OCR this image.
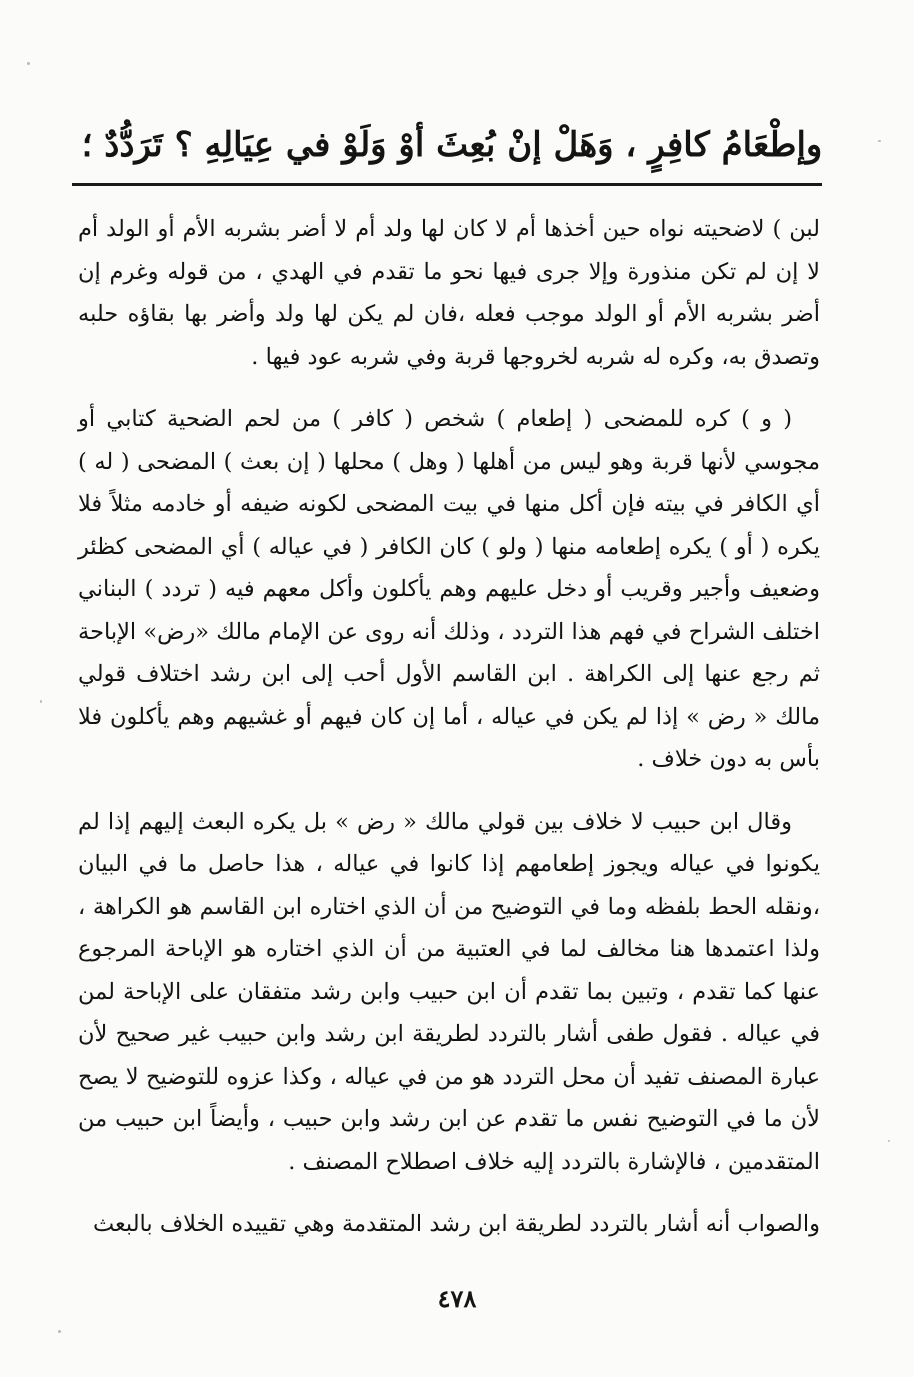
وإطْعَامُ كافِرٍ ، وَهَلْ إنْ بُعِثَ أوْ وَلَوْ في عِيَالِهِ ؟ تَرَدُّدٌ ؛

لبن ) لاضحيته نواه حين أخذها أم لا كان لها ولد أم لا أضر بشربه الأم أو الولد أم لا إن لم تكن منذورة وإلا جرى فيها نحو ما تقدم في الهدي ، من قوله وغرم إن أضر بشربه الأم أو الولد موجب فعله ،فان لم يكن لها ولد وأضر بها بقاؤه حلبه وتصدق به، وكره له شربه لخروجها قربة وفي شربه عود فيها .

( و ) كره للمضحى ( إطعام ) شخص ( كافر ) من لحم الضحية كتابي أو مجوسي لأنها قربة وهو ليس من أهلها ( وهل ) محلها ( إن بعث ) المضحى ( له ) أي الكافر في بيته فإن أكل منها في بيت المضحى لكونه ضيفه أو خادمه مثلاً فلا يكره ( أو ) يكره إطعامه منها ( ولو ) كان الكافر ( في عياله ) أي المضحى كظئر وضعيف وأجير وقريب أو دخل عليهم وهم يأكلون وأكل معهم فيه ( تردد ) البناني اختلف الشراح في فهم هذا التردد ، وذلك أنه روى عن الإمام مالك «رض» الإباحة ثم رجع عنها إلى الكراهة . ابن القاسم الأول أحب إلى ابن رشد اختلاف قولي مالك « رض » إذا لم يكن في عياله ، أما إن كان فيهم أو غشيهم وهم يأكلون فلا بأس به دون خلاف .

وقال ابن حبيب لا خلاف بين قولي مالك « رض » بل يكره البعث إليهم إذا لم يكونوا في عياله ويجوز إطعامهم إذا كانوا في عياله ، هذا حاصل ما في البيان ،ونقله الحط بلفظه وما في التوضيح من أن الذي اختاره ابن القاسم هو الكراهة ، ولذا اعتمدها هنا مخالف لما في العتبية من أن الذي اختاره هو الإباحة المرجوع عنها كما تقدم ، وتبين بما تقدم أن ابن حبيب وابن رشد متفقان على الإباحة لمن في عياله . فقول طفى أشار بالتردد لطريقة ابن رشد وابن حبيب غير صحيح لأن عبارة المصنف تفيد أن محل التردد هو من في عياله ، وكذا عزوه للتوضيح لا يصح لأن ما في التوضيح نفس ما تقدم عن ابن رشد وابن حبيب ، وأيضاً ابن حبيب من المتقدمين ، فالإشارة بالتردد إليه خلاف اصطلاح المصنف .

والصواب أنه أشار بالتردد لطريقة ابن رشد المتقدمة وهي تقييده الخلاف بالبعث

٤٧٨
